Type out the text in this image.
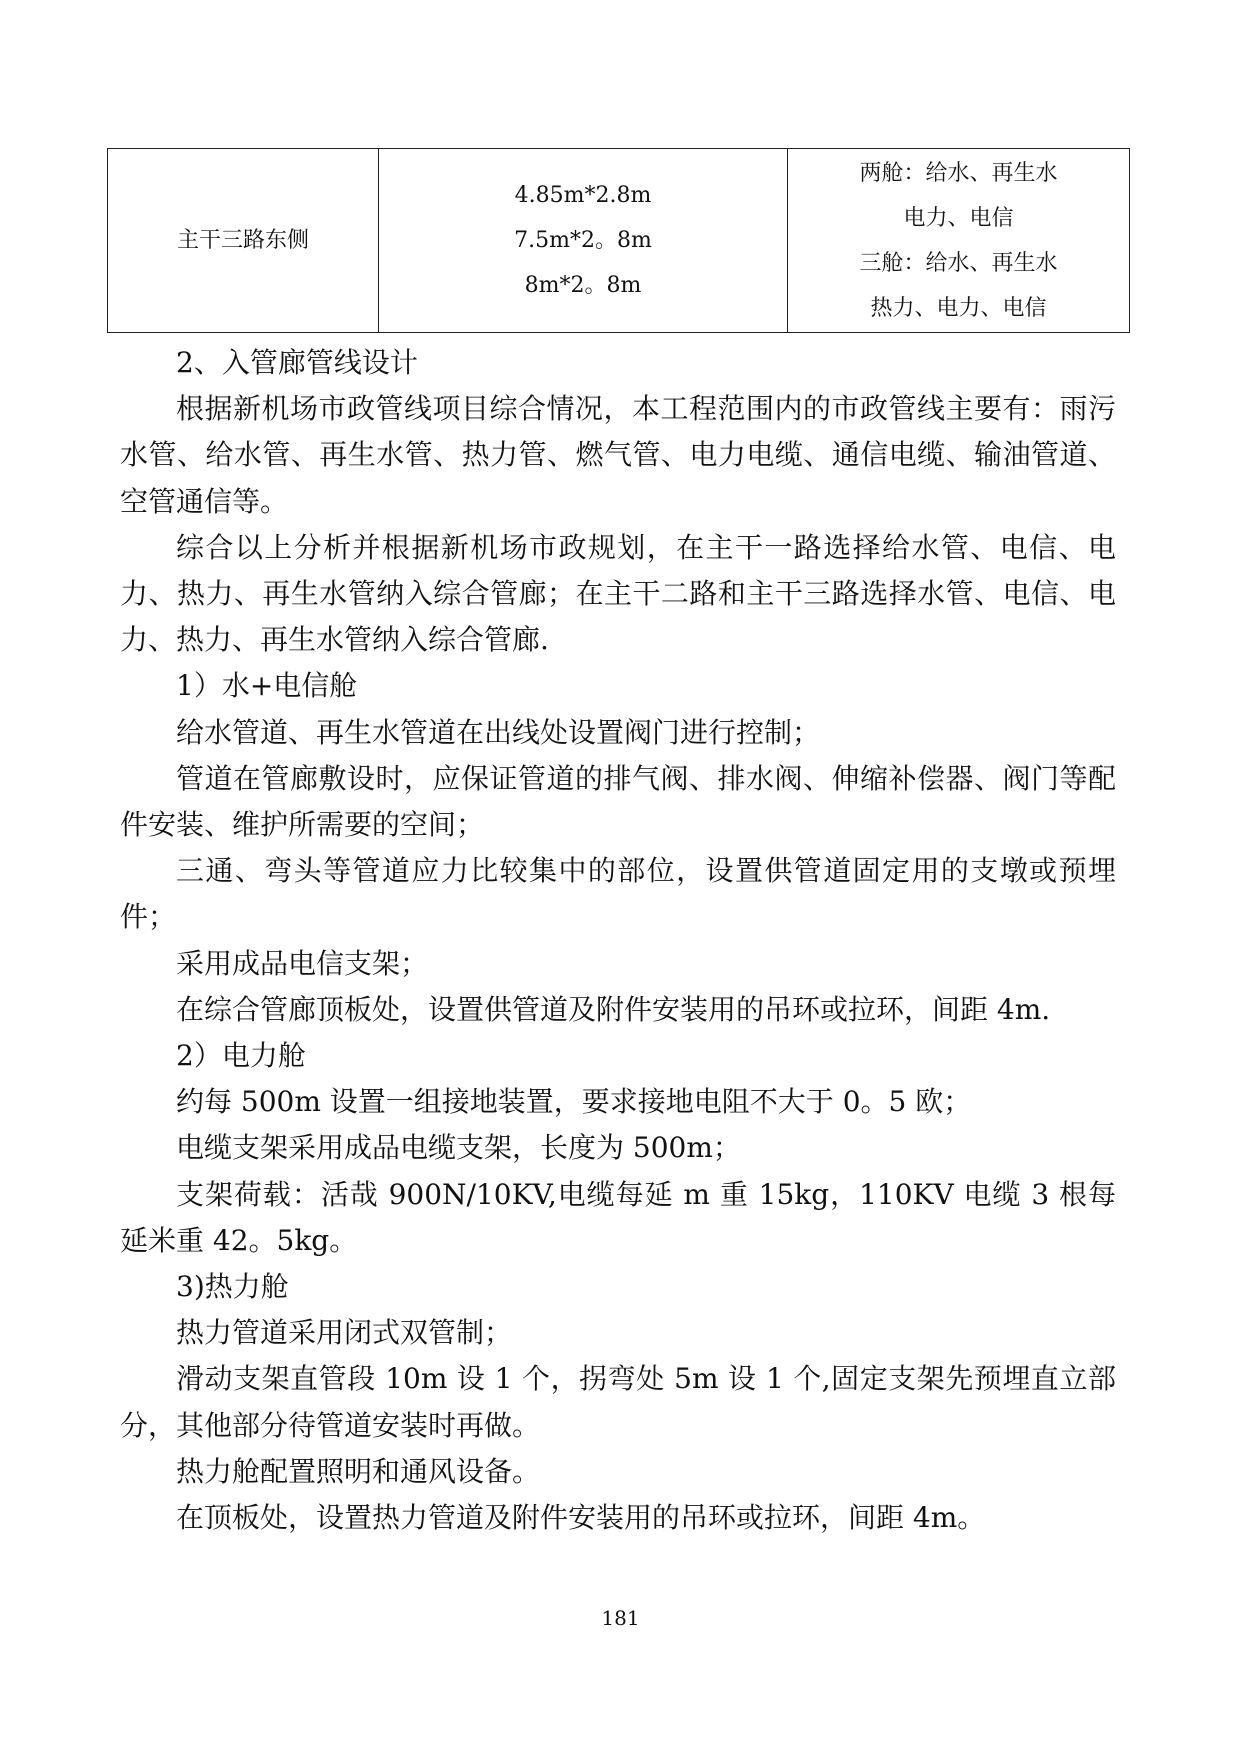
主干三路东侧

4.85m*2.8m
7.5m*2。8m
8m*2。8m

两舱：给水、再生水
电力、电信
三舱：给水、再生水
热力、电力、电信

2、入管廊管线设计

根据新机场市政管线项目综合情况，本工程范围内的市政管线主要有：雨污水管、给水管、再生水管、热力管、燃气管、电力电缆、通信电缆、输油管道、空管通信等。

综合以上分析并根据新机场市政规划，在主干一路选择给水管、电信、电力、热力、再生水管纳入综合管廊；在主干二路和主干三路选择水管、电信、电力、热力、再生水管纳入综合管廊.

1）水+电信舱

给水管道、再生水管道在出线处设置阀门进行控制；

管道在管廊敷设时，应保证管道的排气阀、排水阀、伸缩补偿器、阀门等配件安装、维护所需要的空间；

三通、弯头等管道应力比较集中的部位，设置供管道固定用的支墩或预埋件；

采用成品电信支架；

在综合管廊顶板处，设置供管道及附件安装用的吊环或拉环，间距 4m.

2）电力舱

约每 500m 设置一组接地装置，要求接地电阻不大于 0。5 欧；

电缆支架采用成品电缆支架，长度为 500m；

支架荷载：活哉 900N/10KV,电缆每延 m 重 15kg，110KV 电缆 3 根每延米重 42。5kg。

3)热力舱

热力管道采用闭式双管制；

滑动支架直管段 10m 设 1 个，拐弯处 5m 设 1 个,固定支架先预埋直立部分，其他部分待管道安装时再做。

热力舱配置照明和通风设备。

在顶板处，设置热力管道及附件安装用的吊环或拉环，间距 4m。

181
